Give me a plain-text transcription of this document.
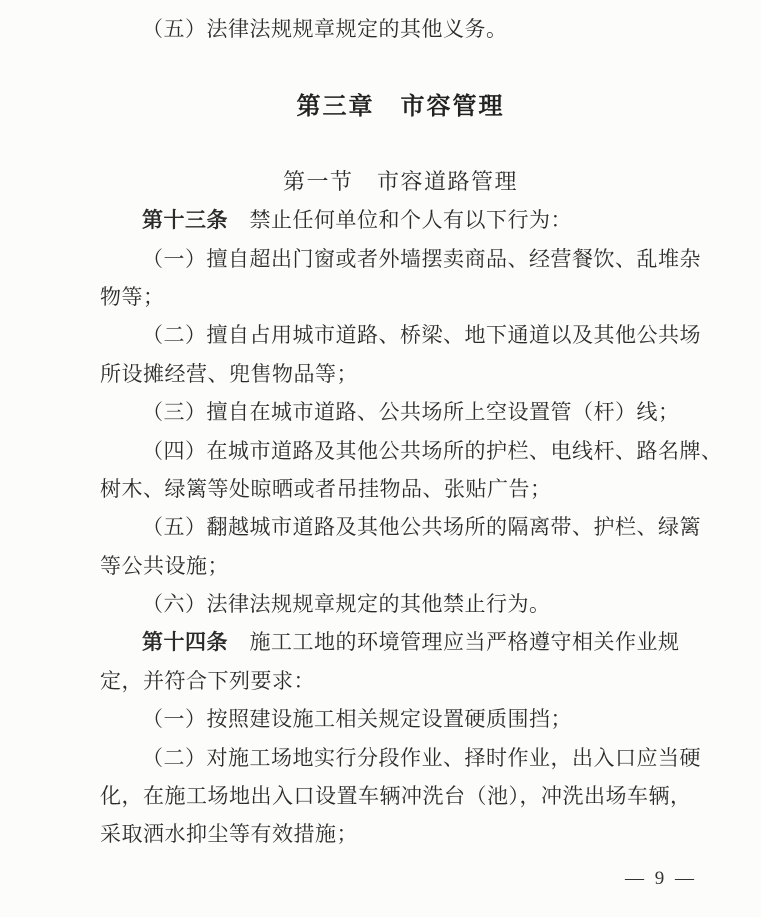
（五）法律法规规章规定的其他义务。
第三章　市容管理
第一节　市容道路管理
第十三条　禁止任何单位和个人有以下行为：
（一）擅自超出门窗或者外墙摆卖商品、经营餐饮、乱堆杂
物等；
（二）擅自占用城市道路、桥梁、地下通道以及其他公共场
所设摊经营、兜售物品等；
（三）擅自在城市道路、公共场所上空设置管（杆）线；
（四）在城市道路及其他公共场所的护栏、电线杆、路名牌、
树木、绿篱等处晾晒或者吊挂物品、张贴广告；
（五）翻越城市道路及其他公共场所的隔离带、护栏、绿篱
等公共设施；
（六）法律法规规章规定的其他禁止行为。
第十四条　施工工地的环境管理应当严格遵守相关作业规
定，并符合下列要求：
（一）按照建设施工相关规定设置硬质围挡；
（二）对施工场地实行分段作业、择时作业，出入口应当硬
化，在施工场地出入口设置车辆冲洗台（池），冲洗出场车辆，
采取洒水抑尘等有效措施；
— 9 —
